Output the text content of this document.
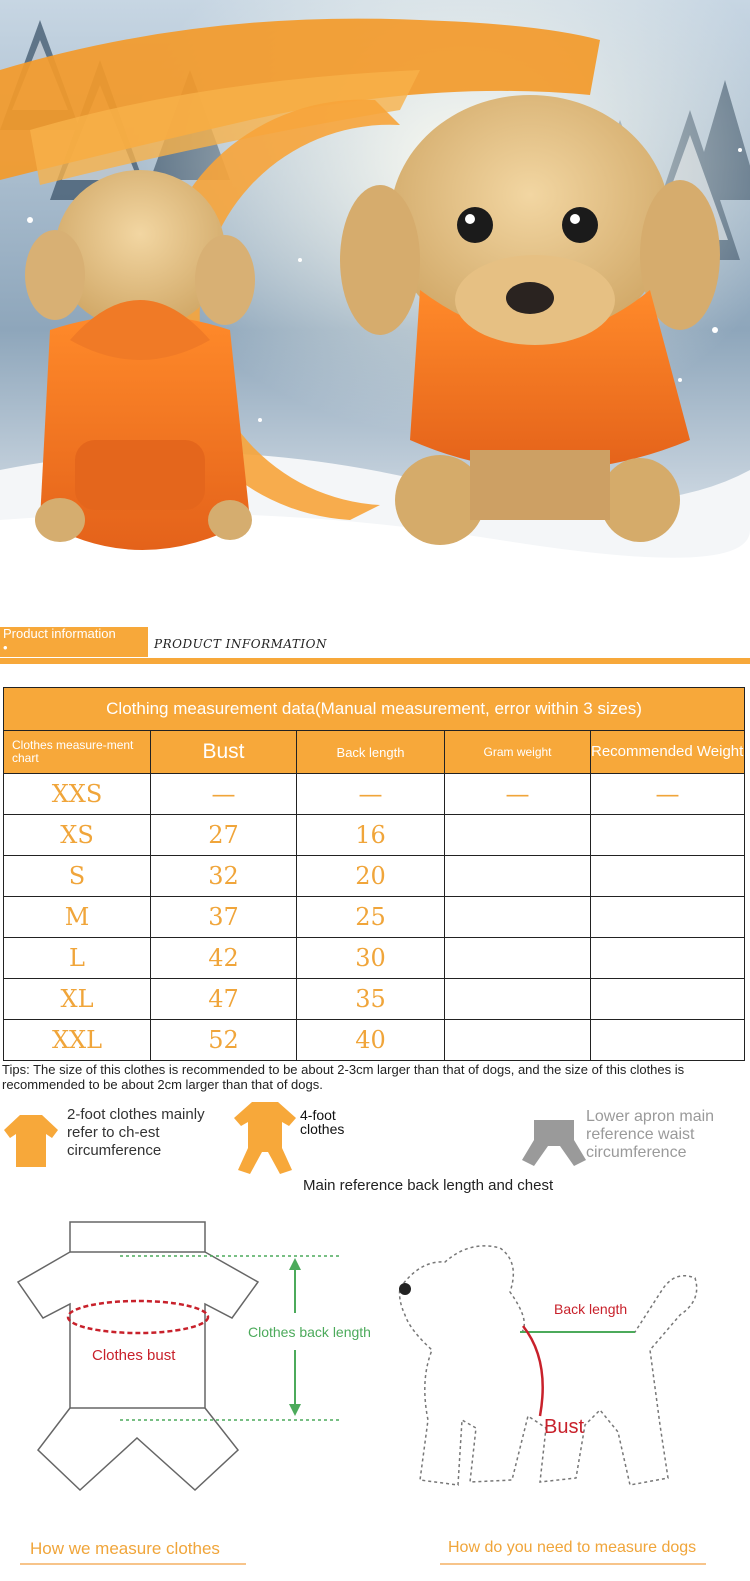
Product information
•	PRODUCT INFORMATION
Clothing measurement data(Manual measurement, error within 3 sizes)				
Clothes measure-ment chart	Bust	Back length	Gram weight	Recommended Weight
XXS	—	—	—	—
XS	27	16		
S	32	20		
M	37	25		
L	42	30		
XL	47	35		
XXL	52	40		
Tips: The size of this clothes is recommended to be about 2-3cm larger than that of dogs, and the size of this clothes is recommended to be about 2cm larger than that of dogs.
2-foot clothes mainly refer to ch-est circumference
4-foot clothes
Lower apron main reference waist circumference
Main reference back length and chest
Clothes back length
Clothes bust
Back length
Bust
How we measure clothes	How do you need to measure dogs
